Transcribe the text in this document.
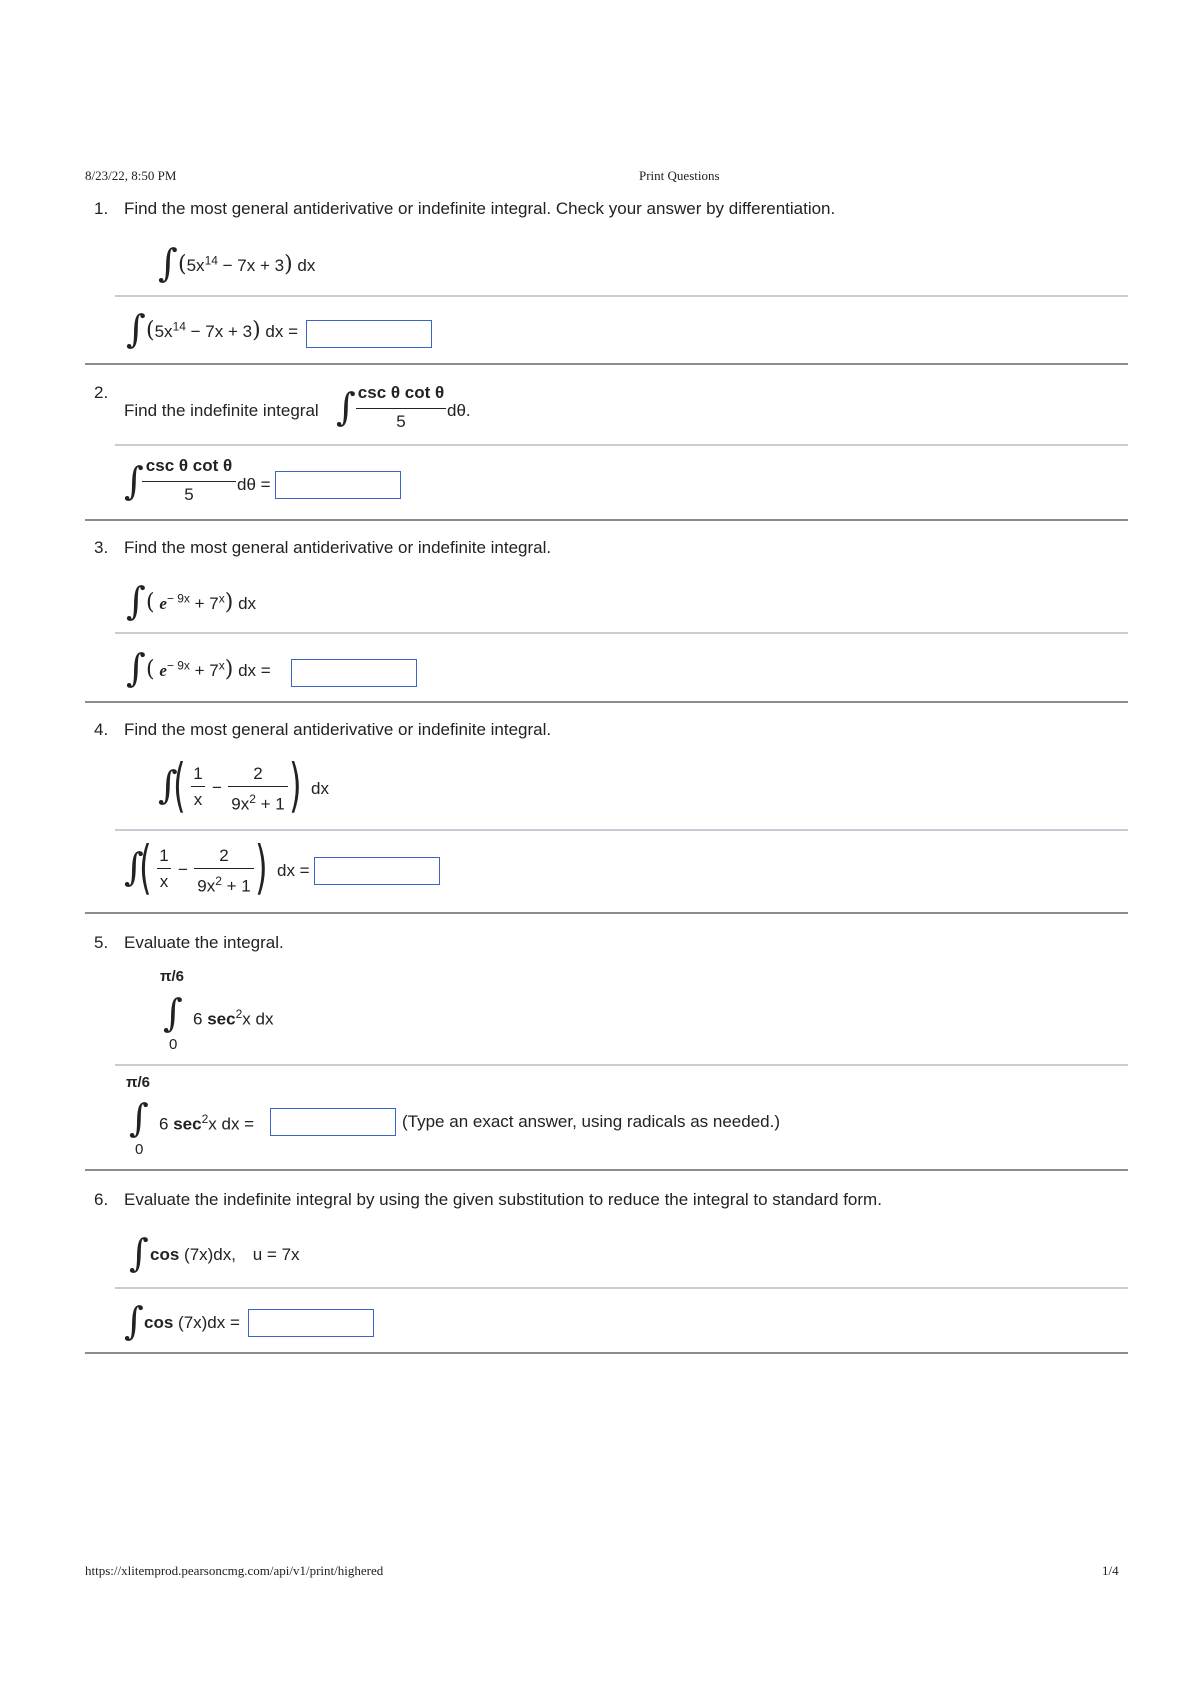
8/23/22, 8:50 PM	Print Questions
1. Find the most general antiderivative or indefinite integral. Check your answer by differentiation.
∫ $(5x^{14} - 7x + 3)$ dx
∫ $(5x^{14} - 7x + 3)$ dx =
2.
Find the indefinite integral ∫ csc θ cot θ
5
dθ.
∫ csc θ cot θ
5
dθ =
3. Find the most general antiderivative or indefinite integral.
∫ ( $e^{- 9x} + 7^x$) dx
∫ ( $e^{- 9x} + 7^x$) dx =
4. Find the most general antiderivative or indefinite integral.
∫
( 1
x
−
2
$9x^2 + 1$ ) dx
∫
( 1
x
−
2
$9x^2 + 1$ ) dx =
5. Evaluate the integral.
π/6
∫
0
6 $\sec^2x$ dx
π/6
∫
0
6 $\sec^2x$ dx =	(Type an exact answer, using radicals as needed.)
6. Evaluate the indefinite integral by using the given substitution to reduce the integral to standard form.
∫ cos (7x)dx, u = 7x
∫ cos (7x)dx =
https://xlitemprod.pearsoncmg.com/api/v1/print/highered	1/4
